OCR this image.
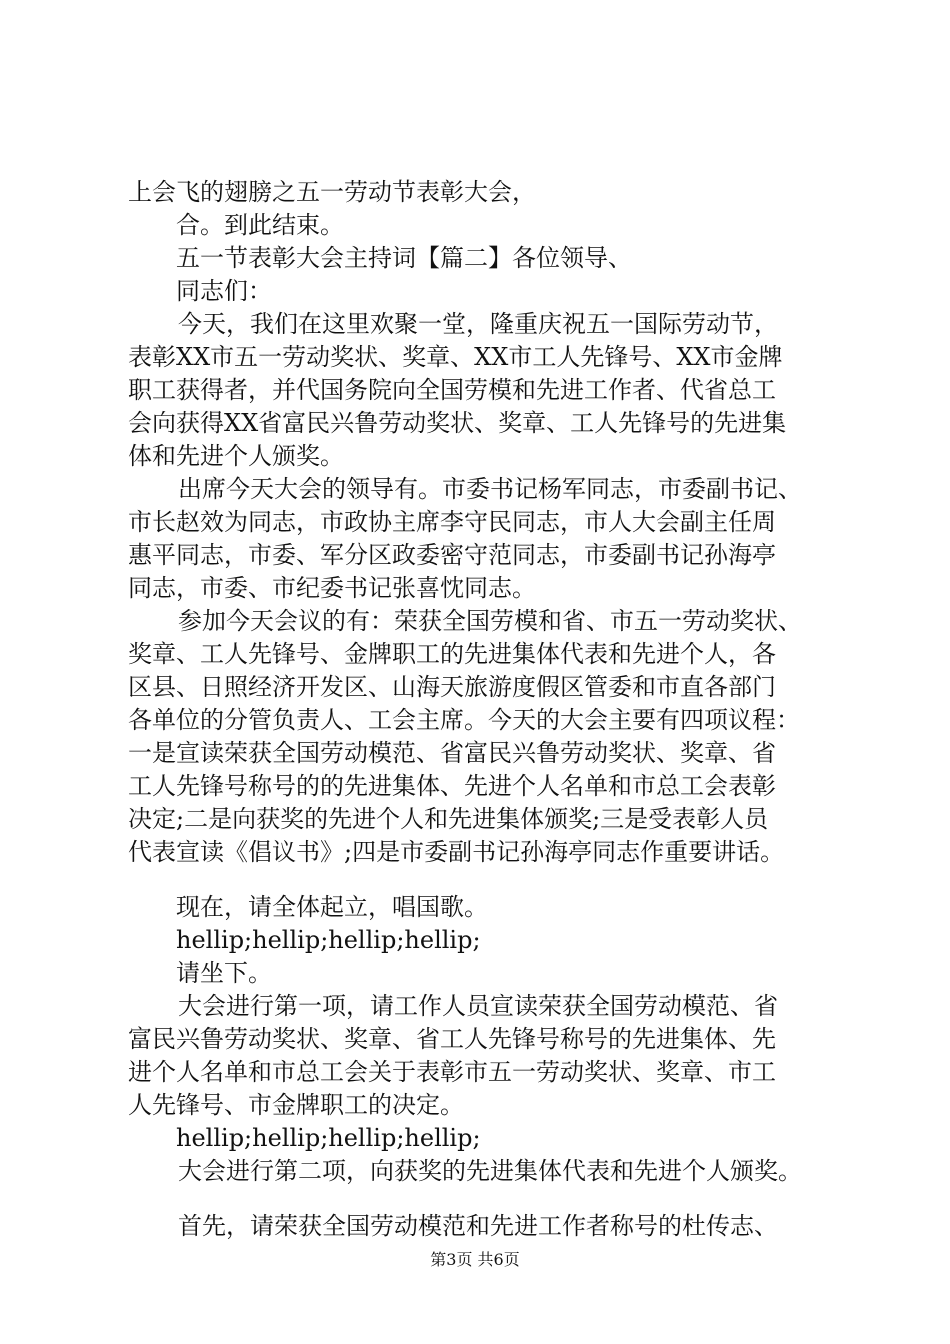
上会飞的翅膀之五一劳动节表彰大会，
合。到此结束。
五一节表彰大会主持词【篇二】各位领导、
同志们：
今天，我们在这里欢聚一堂，隆重庆祝五一国际劳动节，
表彰XX市五一劳动奖状、奖章、XX市工人先锋号、XX市金牌
职工获得者，并代国务院向全国劳模和先进工作者、代省总工
会向获得XX省富民兴鲁劳动奖状、奖章、工人先锋号的先进集
体和先进个人颁奖。
出席今天大会的领导有。市委书记杨军同志，市委副书记、
市长赵效为同志，市政协主席李守民同志，市人大会副主任周
惠平同志，市委、军分区政委密守范同志，市委副书记孙海亭
同志，市委、市纪委书记张喜忱同志。
参加今天会议的有：荣获全国劳模和省、市五一劳动奖状、
奖章、工人先锋号、金牌职工的先进集体代表和先进个人，各
区县、日照经济开发区、山海天旅游度假区管委和市直各部门
各单位的分管负责人、工会主席。今天的大会主要有四项议程：
一是宣读荣获全国劳动模范、省富民兴鲁劳动奖状、奖章、省
工人先锋号称号的的先进集体、先进个人名单和市总工会表彰
决定;二是向获奖的先进个人和先进集体颁奖;三是受表彰人员
代表宣读《倡议书》;四是市委副书记孙海亭同志作重要讲话。
现在，请全体起立，唱国歌。
hellip;hellip;hellip;hellip;
请坐下。
大会进行第一项，请工作人员宣读荣获全国劳动模范、省
富民兴鲁劳动奖状、奖章、省工人先锋号称号的先进集体、先
进个人名单和市总工会关于表彰市五一劳动奖状、奖章、市工
人先锋号、市金牌职工的决定。
hellip;hellip;hellip;hellip;
大会进行第二项，向获奖的先进集体代表和先进个人颁奖。
首先，请荣获全国劳动模范和先进工作者称号的杜传志、
第3页 共6页
